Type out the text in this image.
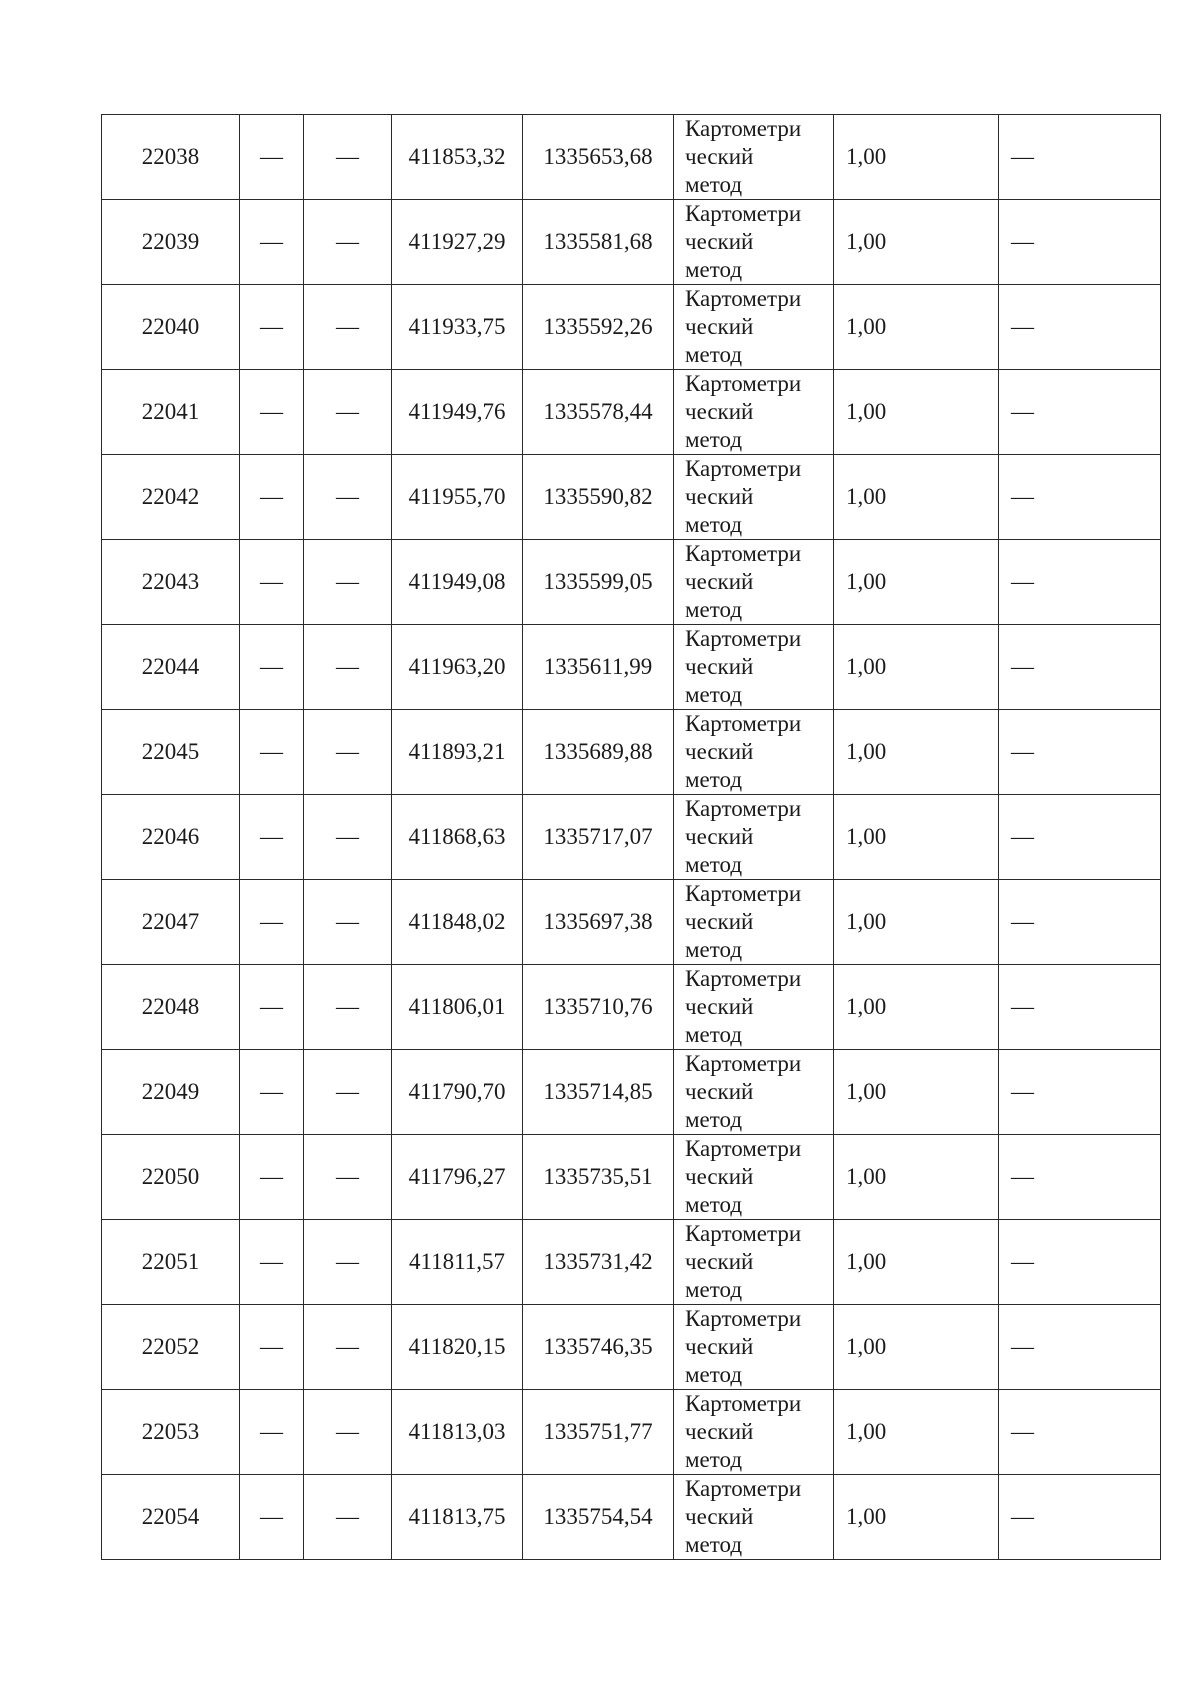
22038	—	—	411853,32	1335653,68	Картометри
ческий
метод	1,00	—
22039	—	—	411927,29	1335581,68	Картометри
ческий
метод	1,00	—
22040	—	—	411933,75	1335592,26	Картометри
ческий
метод	1,00	—
22041	—	—	411949,76	1335578,44	Картометри
ческий
метод	1,00	—
22042	—	—	411955,70	1335590,82	Картометри
ческий
метод	1,00	—
22043	—	—	411949,08	1335599,05	Картометри
ческий
метод	1,00	—
22044	—	—	411963,20	1335611,99	Картометри
ческий
метод	1,00	—
22045	—	—	411893,21	1335689,88	Картометри
ческий
метод	1,00	—
22046	—	—	411868,63	1335717,07	Картометри
ческий
метод	1,00	—
22047	—	—	411848,02	1335697,38	Картометри
ческий
метод	1,00	—
22048	—	—	411806,01	1335710,76	Картометри
ческий
метод	1,00	—
22049	—	—	411790,70	1335714,85	Картометри
ческий
метод	1,00	—
22050	—	—	411796,27	1335735,51	Картометри
ческий
метод	1,00	—
22051	—	—	411811,57	1335731,42	Картометри
ческий
метод	1,00	—
22052	—	—	411820,15	1335746,35	Картометри
ческий
метод	1,00	—
22053	—	—	411813,03	1335751,77	Картометри
ческий
метод	1,00	—
22054	—	—	411813,75	1335754,54	Картометри
ческий
метод	1,00	—
